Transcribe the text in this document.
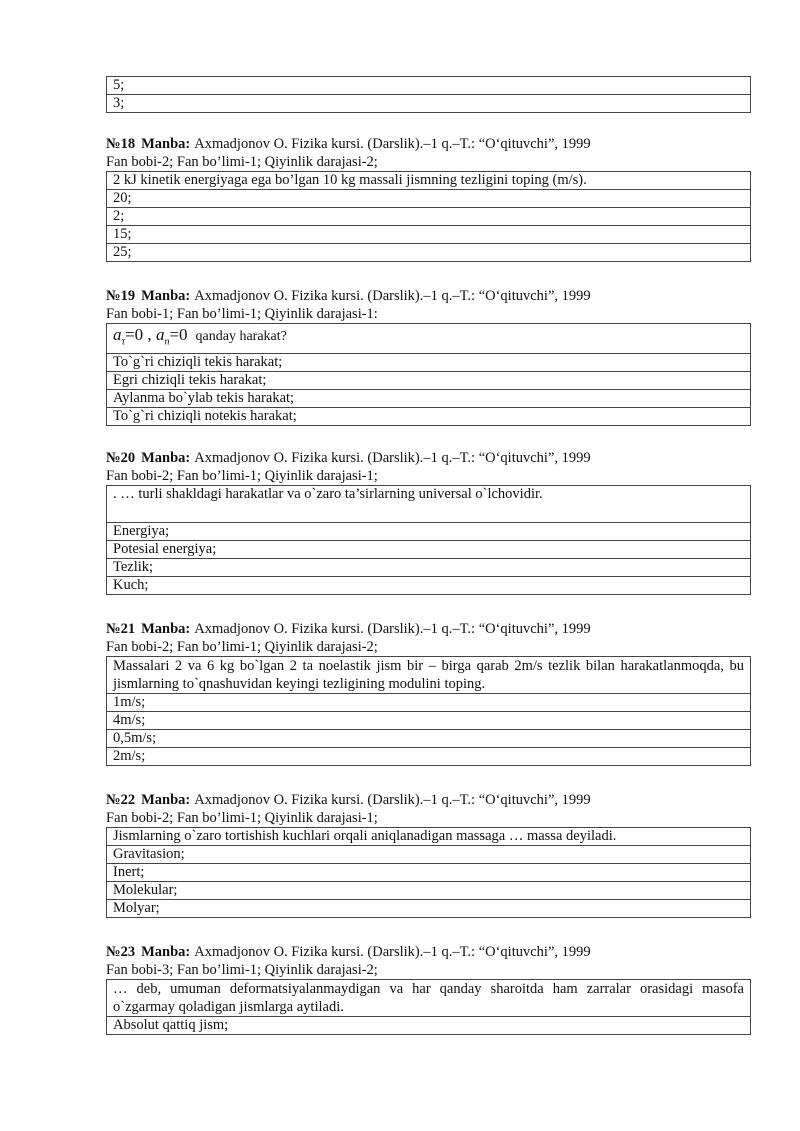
5;
3;

№18 Manba: Axmadjonov O. Fizika kursi. (Darslik).–1 q.–T.: “O‘qituvchi”, 1999

Fan bobi-2; Fan bo’limi-1; Qiyinlik darajasi-2;

2 kJ kinetik energiyaga ega bo’lgan 10 kg massali jismning tezligini toping (m/s).
20;
2;
15;
25;

№19 Manba: Axmadjonov O. Fizika kursi. (Darslik).–1 q.–T.: “O‘qituvchi”, 1999

Fan bobi-1; Fan bo’limi-1; Qiyinlik darajasi-1:

$a_\tau=0$ , $a_n=0$ qanday harakat?
To`g`ri chiziqli tekis harakat;
Egri chiziqli tekis harakat;
Aylanma bo`ylab tekis harakat;
To`g`ri chiziqli notekis harakat;

№20 Manba: Axmadjonov O. Fizika kursi. (Darslik).–1 q.–T.: “O‘qituvchi”, 1999

Fan bobi-2; Fan bo’limi-1; Qiyinlik darajasi-1;

. … turli shakldagi harakatlar va o`zaro ta’sirlarning universal o`lchovidir.
Energiya;
Potesial energiya;
Tezlik;
Kuch;

№21 Manba: Axmadjonov O. Fizika kursi. (Darslik).–1 q.–T.: “O‘qituvchi”, 1999

Fan bobi-2; Fan bo’limi-1; Qiyinlik darajasi-2;

Massalari 2 va 6 kg bo`lgan 2 ta noelastik jism bir – birga qarab 2m/s tezlik bilan harakatlanmoqda, bu jismlarning to`qnashuvidan keyingi tezligining modulini toping.
1m/s;
4m/s;
0,5m/s;
2m/s;

№22 Manba: Axmadjonov O. Fizika kursi. (Darslik).–1 q.–T.: “O‘qituvchi”, 1999

Fan bobi-2; Fan bo’limi-1; Qiyinlik darajasi-1;

Jismlarning o`zaro tortishish kuchlari orqali aniqlanadigan massaga … massa deyiladi.
Gravitasion;
Inert;
Molekular;
Molyar;

№23 Manba: Axmadjonov O. Fizika kursi. (Darslik).–1 q.–T.: “O‘qituvchi”, 1999

Fan bobi-3; Fan bo’limi-1; Qiyinlik darajasi-2;

… deb, umuman deformatsiyalanmaydigan va har qanday sharoitda ham zarralar orasidagi masofa o`zgarmay qoladigan jismlarga aytiladi.
Absolut qattiq jism;
